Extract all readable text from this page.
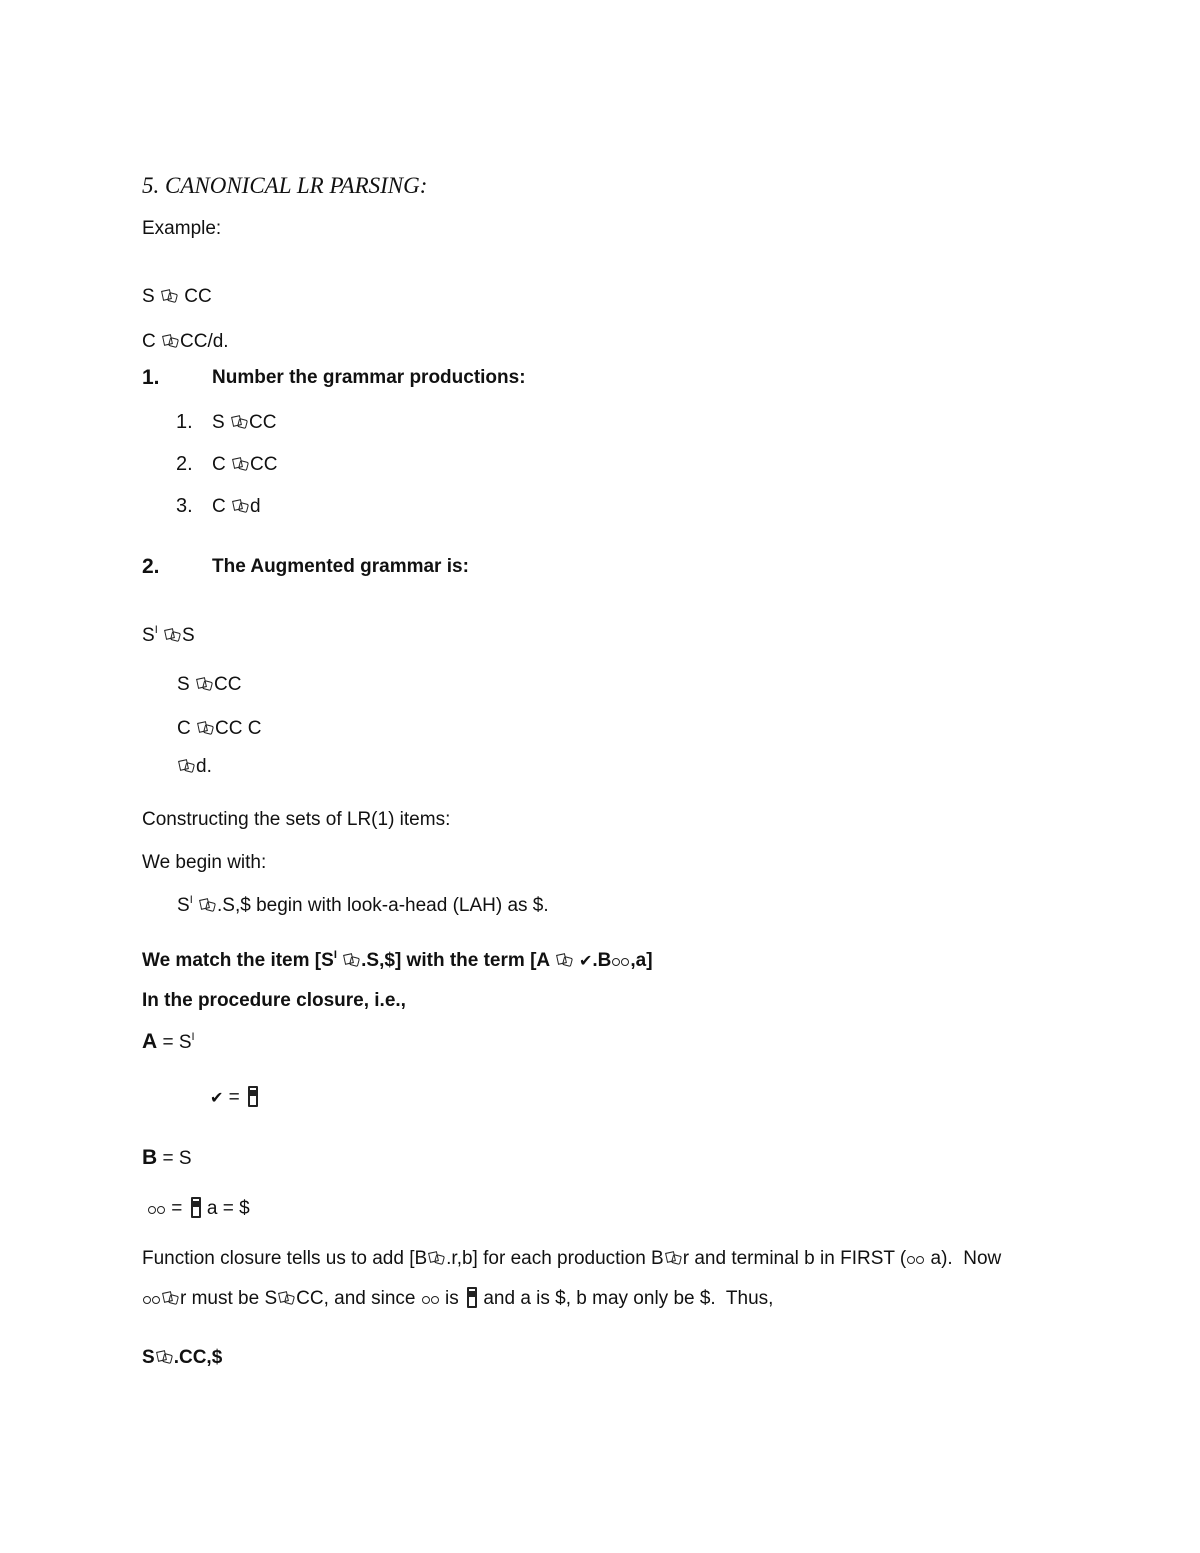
5. CANONICAL LR PARSING:
Example:
S CC
C CC/d.
1.	Number the grammar productions:
1. S CC
2. C CC
3. C d
2.	The Augmented grammar is:
$S^I$ S
S CC
C CC C
d.
Constructing the sets of LR(1) items:
We begin with:
$S^I$ .S,$ begin with look-a-head (LAH) as $.
We match the item [$S^I$ .S,$] with the term [A ✔.B ,a]
In the procedure closure, i.e.,
$A = S^I$
✔ =
B = S
=  a = $
Function closure tells us to add [B .r,b] for each production B r and terminal b in FIRST ( a).  Now
r must be S CC, and since  is  and a is $, b may only be $.  Thus,
S .CC,$
